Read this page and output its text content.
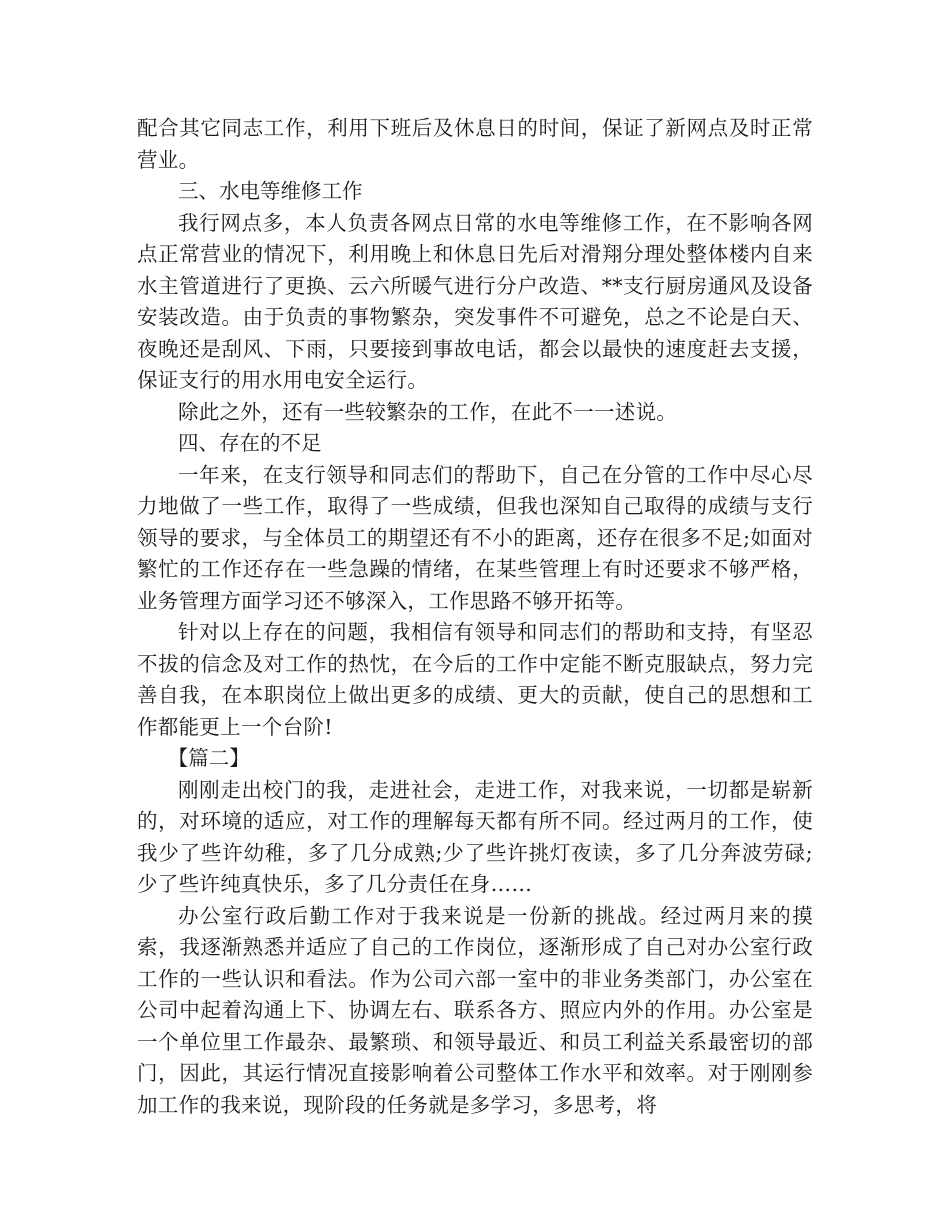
配合其它同志工作，利用下班后及休息日的时间，保证了新网点及时正常营业。

三、水电等维修工作

我行网点多，本人负责各网点日常的水电等维修工作，在不影响各网点正常营业的情况下，利用晚上和休息日先后对滑翔分理处整体楼内自来水主管道进行了更换、云六所暖气进行分户改造、**支行厨房通风及设备安装改造。由于负责的事物繁杂，突发事件不可避免，总之不论是白天、夜晚还是刮风、下雨，只要接到事故电话，都会以最快的速度赶去支援，保证支行的用水用电安全运行。

除此之外，还有一些较繁杂的工作，在此不一一述说。

四、存在的不足

一年来，在支行领导和同志们的帮助下，自己在分管的工作中尽心尽力地做了一些工作，取得了一些成绩，但我也深知自己取得的成绩与支行领导的要求，与全体员工的期望还有不小的距离，还存在很多不足;如面对繁忙的工作还存在一些急躁的情绪，在某些管理上有时还要求不够严格，业务管理方面学习还不够深入，工作思路不够开拓等。

针对以上存在的问题，我相信有领导和同志们的帮助和支持，有坚忍不拔的信念及对工作的热忱，在今后的工作中定能不断克服缺点，努力完善自我，在本职岗位上做出更多的成绩、更大的贡献，使自己的思想和工作都能更上一个台阶!

【篇二】

刚刚走出校门的我，走进社会，走进工作，对我来说，一切都是崭新的，对环境的适应，对工作的理解每天都有所不同。经过两月的工作，使我少了些许幼稚，多了几分成熟;少了些许挑灯夜读，多了几分奔波劳碌;少了些许纯真快乐，多了几分责任在身……

办公室行政后勤工作对于我来说是一份新的挑战。经过两月来的摸索，我逐渐熟悉并适应了自己的工作岗位，逐渐形成了自己对办公室行政工作的一些认识和看法。作为公司六部一室中的非业务类部门，办公室在公司中起着沟通上下、协调左右、联系各方、照应内外的作用。办公室是一个单位里工作最杂、最繁琐、和领导最近、和员工利益关系最密切的部门，因此，其运行情况直接影响着公司整体工作水平和效率。对于刚刚参加工作的我来说，现阶段的任务就是多学习，多思考，将
